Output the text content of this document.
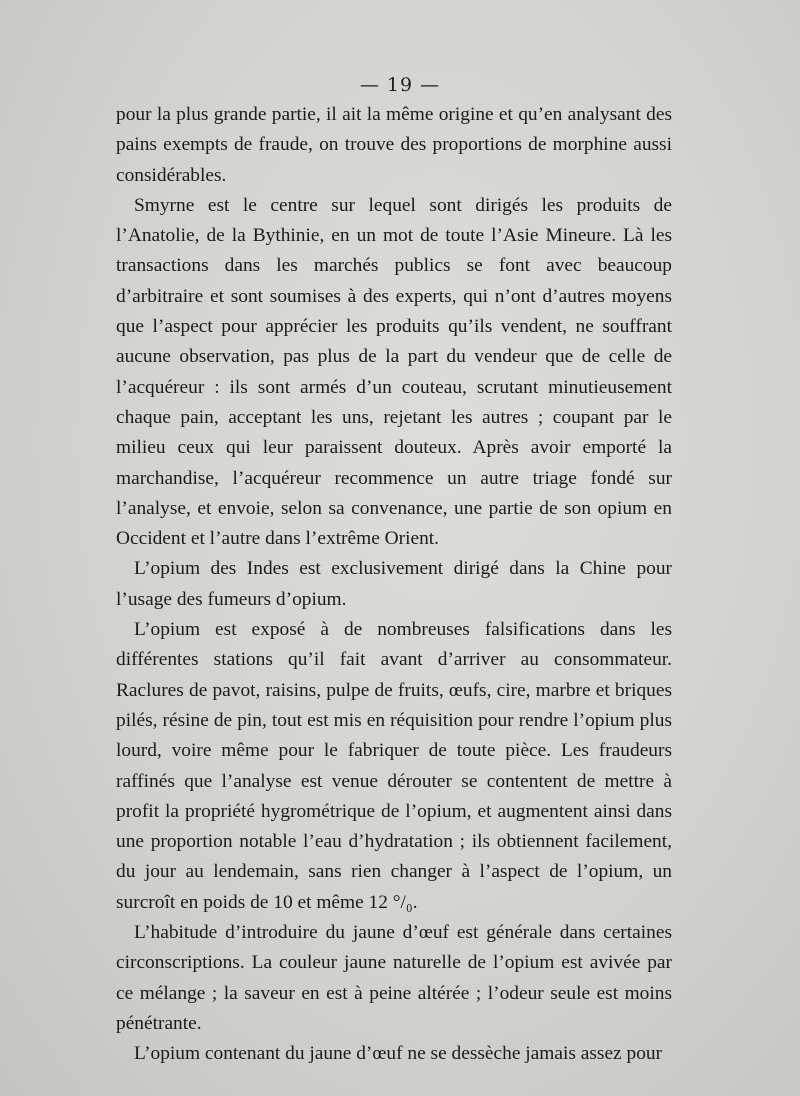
— 19 —

pour la plus grande partie, il ait la même origine et qu’en analysant des pains exempts de fraude, on trouve des proportions de morphine aussi considérables.

Smyrne est le centre sur lequel sont dirigés les produits de l’Anatolie, de la Bythinie, en un mot de toute l’Asie Mineure. Là les transactions dans les marchés publics se font avec beaucoup d’arbitraire et sont soumises à des experts, qui n’ont d’autres moyens que l’aspect pour apprécier les produits qu’ils vendent, ne souffrant aucune observation, pas plus de la part du vendeur que de celle de l’acquéreur : ils sont armés d’un couteau, scrutant minutieusement chaque pain, acceptant les uns, rejetant les autres ; coupant par le milieu ceux qui leur paraissent douteux. Après avoir emporté la marchandise, l’acquéreur recommence un autre triage fondé sur l’analyse, et envoie, selon sa convenance, une partie de son opium en Occident et l’autre dans l’extrême Orient.

L’opium des Indes est exclusivement dirigé dans la Chine pour l’usage des fumeurs d’opium.

L’opium est exposé à de nombreuses falsifications dans les différentes stations qu’il fait avant d’arriver au consommateur. Raclures de pavot, raisins, pulpe de fruits, œufs, cire, marbre et briques pilés, résine de pin, tout est mis en réquisition pour rendre l’opium plus lourd, voire même pour le fabriquer de toute pièce. Les fraudeurs raffinés que l’analyse est venue dérouter se contentent de mettre à profit la propriété hygrométrique de l’opium, et augmentent ainsi dans une proportion notable l’eau d’hydratation ; ils obtiennent facilement, du jour au lendemain, sans rien changer à l’aspect de l’opium, un surcroît en poids de 10 et même 12 °/₀.

L’habitude d’introduire du jaune d’œuf est générale dans certaines circonscriptions. La couleur jaune naturelle de l’opium est avivée par ce mélange ; la saveur en est à peine altérée ; l’odeur seule est moins pénétrante.

L’opium contenant du jaune d’œuf ne se dessèche jamais assez pour
